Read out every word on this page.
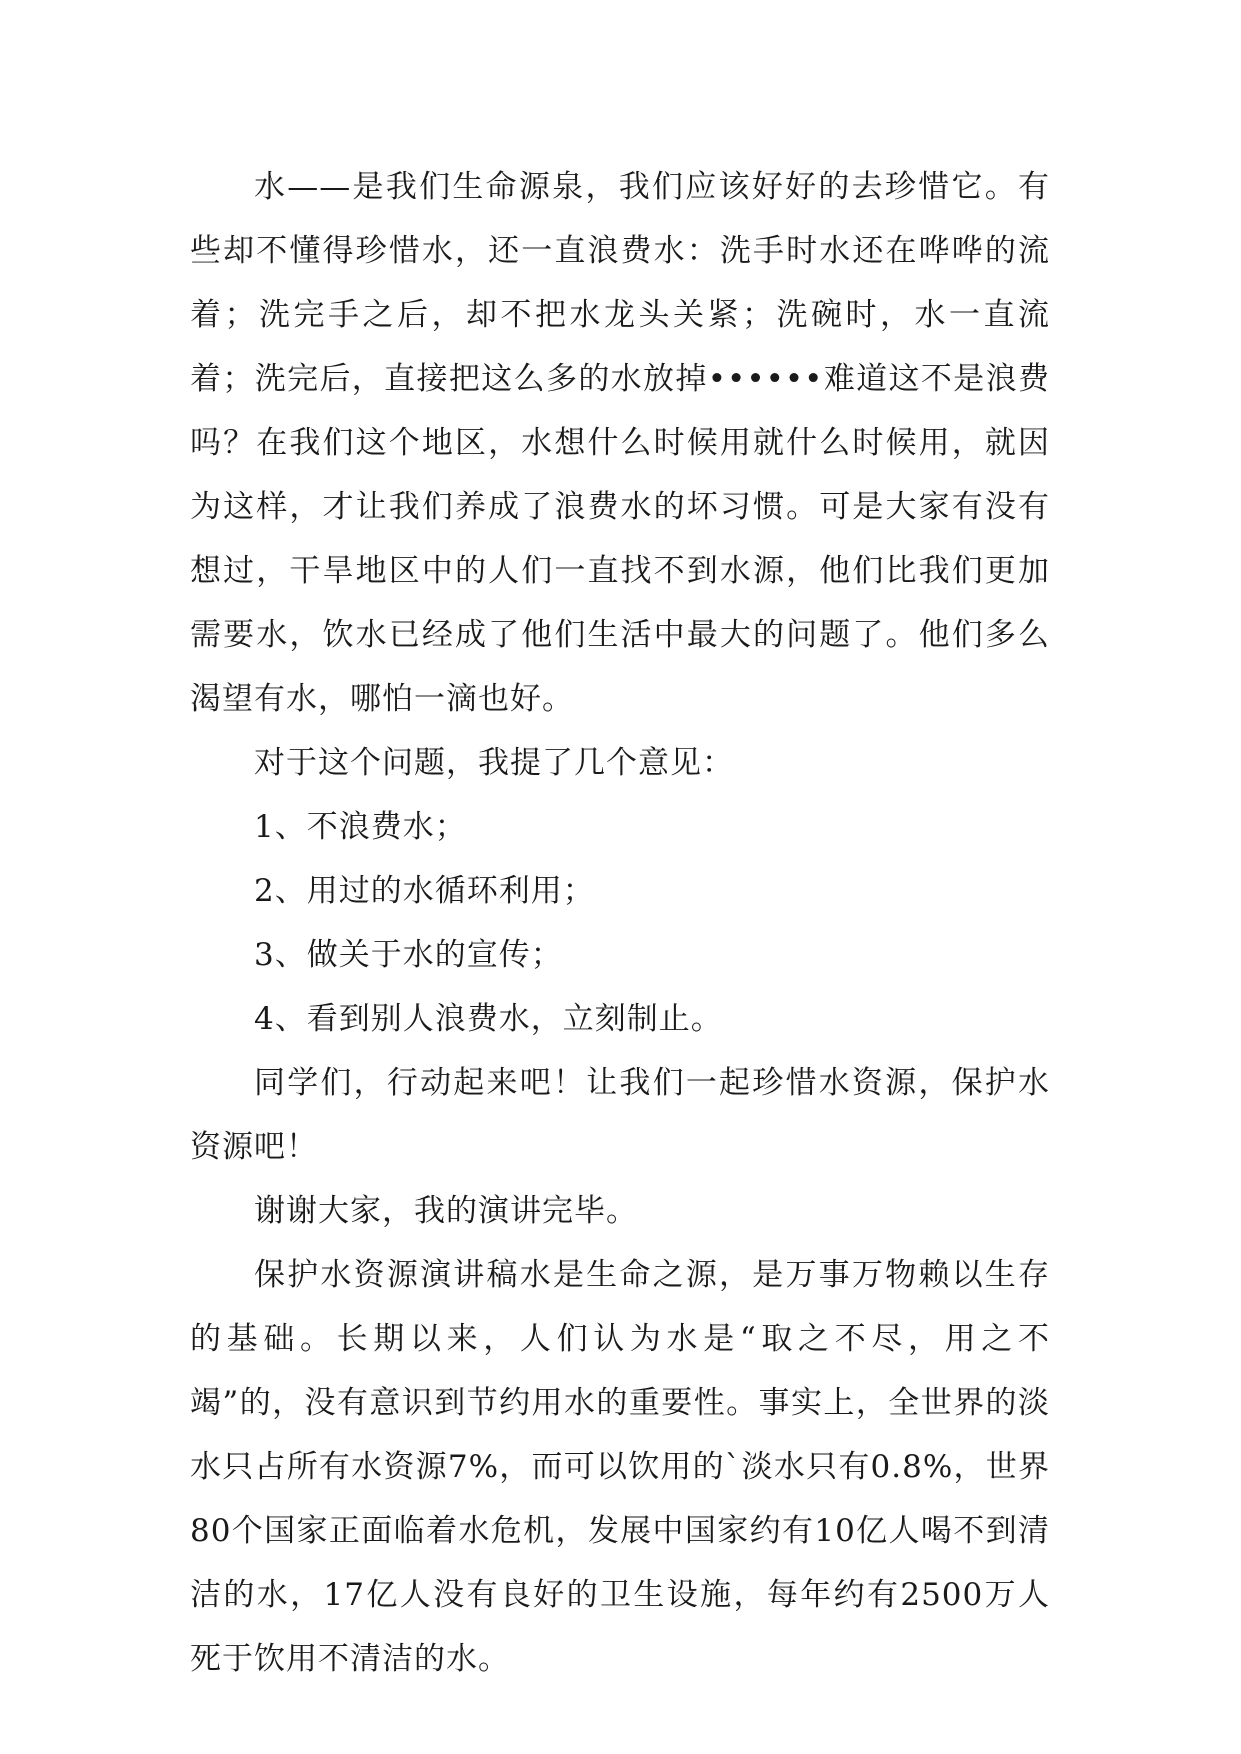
水——是我们生命源泉，我们应该好好的去珍惜它。有些却不懂得珍惜水，还一直浪费水：洗手时水还在哗哗的流着；洗完手之后，却不把水龙头关紧；洗碗时，水一直流着；洗完后，直接把这么多的水放掉••••••难道这不是浪费吗？在我们这个地区，水想什么时候用就什么时候用，就因为这样，才让我们养成了浪费水的坏习惯。可是大家有没有想过，干旱地区中的人们一直找不到水源，他们比我们更加需要水，饮水已经成了他们生活中最大的问题了。他们多么渴望有水，哪怕一滴也好。

对于这个问题，我提了几个意见：

1、不浪费水；

2、用过的水循环利用；

3、做关于水的宣传；

4、看到别人浪费水，立刻制止。

同学们，行动起来吧！让我们一起珍惜水资源，保护水资源吧！

谢谢大家，我的演讲完毕。

保护水资源演讲稿水是生命之源，是万事万物赖以生存的基础。长期以来，人们认为水是“取之不尽，用之不竭”的，没有意识到节约用水的重要性。事实上，全世界的淡水只占所有水资源7%，而可以饮用的`淡水只有0.8%，世界80个国家正面临着水危机，发展中国家约有10亿人喝不到清洁的水，17亿人没有良好的卫生设施，每年约有2500万人死于饮用不清洁的水。
